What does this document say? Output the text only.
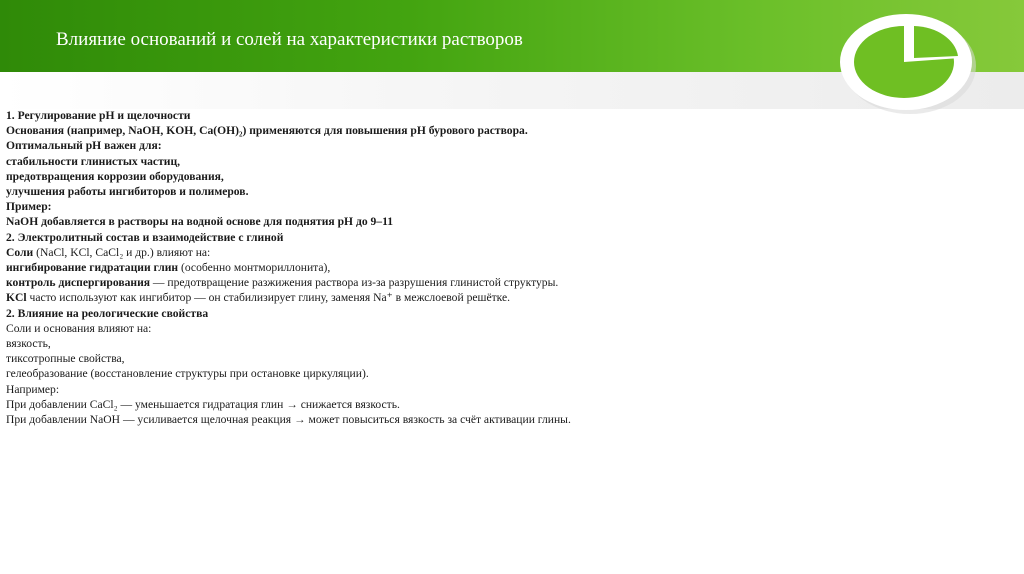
Влияние оснований и солей на характеристики растворов
1. Регулирование pH и щелочности
Основания (например, NaOH, KOH, Ca(OH)₂) применяются для повышения pH бурового раствора.
Оптимальный pH важен для:
стабильности глинистых частиц,
предотвращения коррозии оборудования,
улучшения работы ингибиторов и полимеров.
Пример:
NaOH добавляется в растворы на водной основе для поднятия pH до 9–11
2. Электролитный состав и взаимодействие с глиной
Соли (NaCl, KCl, CaCl₂ и др.) влияют на:
ингибирование гидратации глин (особенно монтмориллонита),
контроль диспергирования — предотвращение разжижения раствора из-за разрушения глинистой структуры.
KCl часто используют как ингибитор — он стабилизирует глину, заменяя Na⁺ в межслоевой решётке.
2. Влияние на реологические свойства
Соли и основания влияют на:
вязкость,
тиксотропные свойства,
гелеобразование (восстановление структуры при остановке циркуляции).
Например:
При добавлении CaCl₂ — уменьшается гидратация глин → снижается вязкость.
При добавлении NaOH — усиливается щелочная реакция → может повыситься вязкость за счёт активации глины.
